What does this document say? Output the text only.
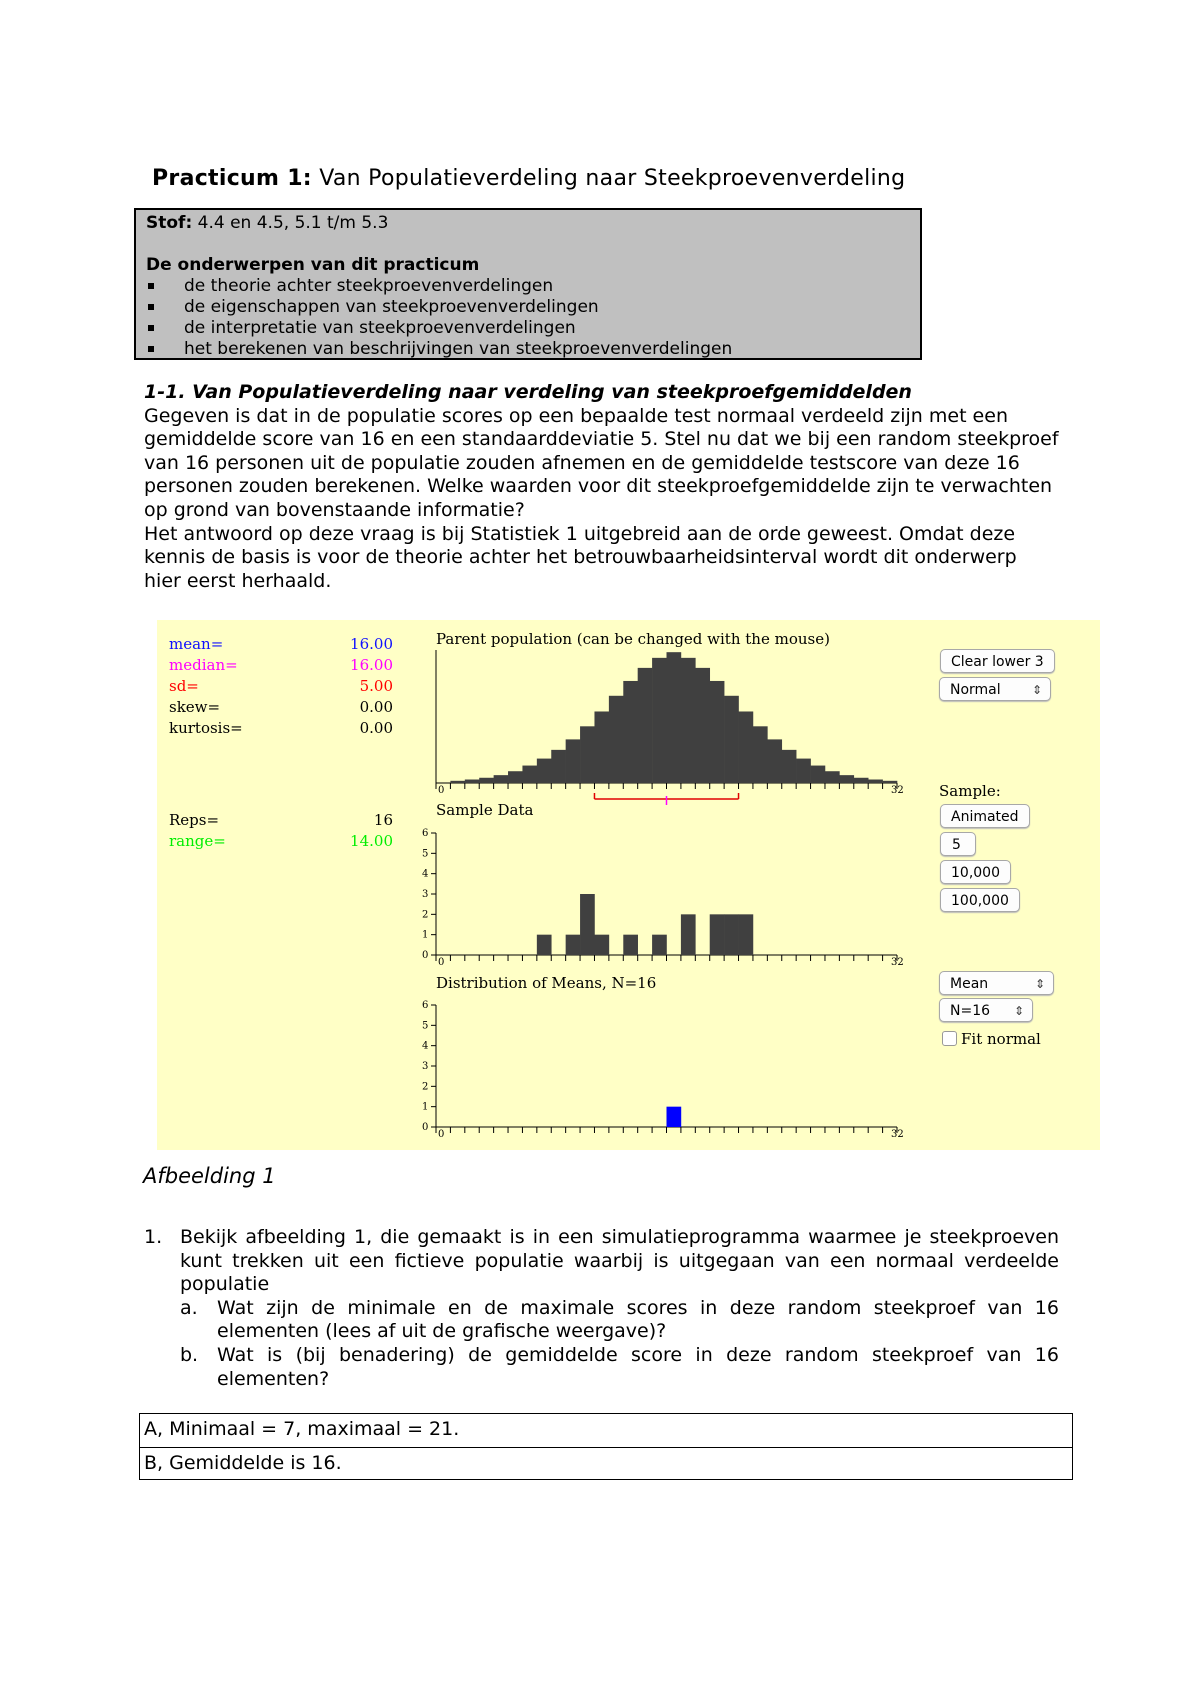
Practicum 1: Van Populatieverdeling naar Steekproevenverdeling
Stof: 4.4 en 4.5, 5.1 t/m 5.3
De onderwerpen van dit practicum
de theorie achter steekproevenverdelingen
de eigenschappen van steekproevenverdelingen
de interpretatie van steekproevenverdelingen
het berekenen van beschrijvingen van steekproevenverdelingen
1-1. Van Populatieverdeling naar verdeling van steekproefgemiddelden

Gegeven is dat in de populatie scores op een bepaalde test normaal verdeeld zijn met een gemiddelde score van 16 en een standaarddeviatie 5. Stel nu dat we bij een random steekproef van 16 personen uit de populatie zouden afnemen en de gemiddelde testscore van deze 16 personen zouden berekenen. Welke waarden voor dit steekproefgemiddelde zijn te verwachten op grond van bovenstaande informatie?

Het antwoord op deze vraag is bij Statistiek 1 uitgebreid aan de orde geweest. Omdat deze kennis de basis is voor de theorie achter het betrouwbaarheidsinterval wordt dit onderwerp hier eerst herhaald.

mean=	16.00
median=	16.00
sd=	5.00
skew=	0.00
kurtosis=	0.00
Reps=	16
range=	14.00
Parent population (can be changed with the mouse)
0	32
Sample Data
0	32
0
1
2
3
4
5
6
Distribution of Means, N=16
0	32
0
1
2
3
4
5
6
Clear lower 3
Normal ⇕
Sample:
Animated
5
10,000
100,000
Mean ⇕
N=16 ⇕
Fit normal
Afbeelding 1
1. Bekijk afbeelding 1, die gemaakt is in een simulatieprogramma waarmee je steekproeven kunt trekken uit een fictieve populatie waarbij is uitgegaan van een normaal verdeelde populatie
a. Wat zijn de minimale en de maximale scores in deze random steekproef van 16 elementen (lees af uit de grafische weergave)?
b. Wat is (bij benadering) de gemiddelde score in deze random steekproef van 16 elementen?
A, Minimaal = 7, maximaal = 21.
B, Gemiddelde is 16.
